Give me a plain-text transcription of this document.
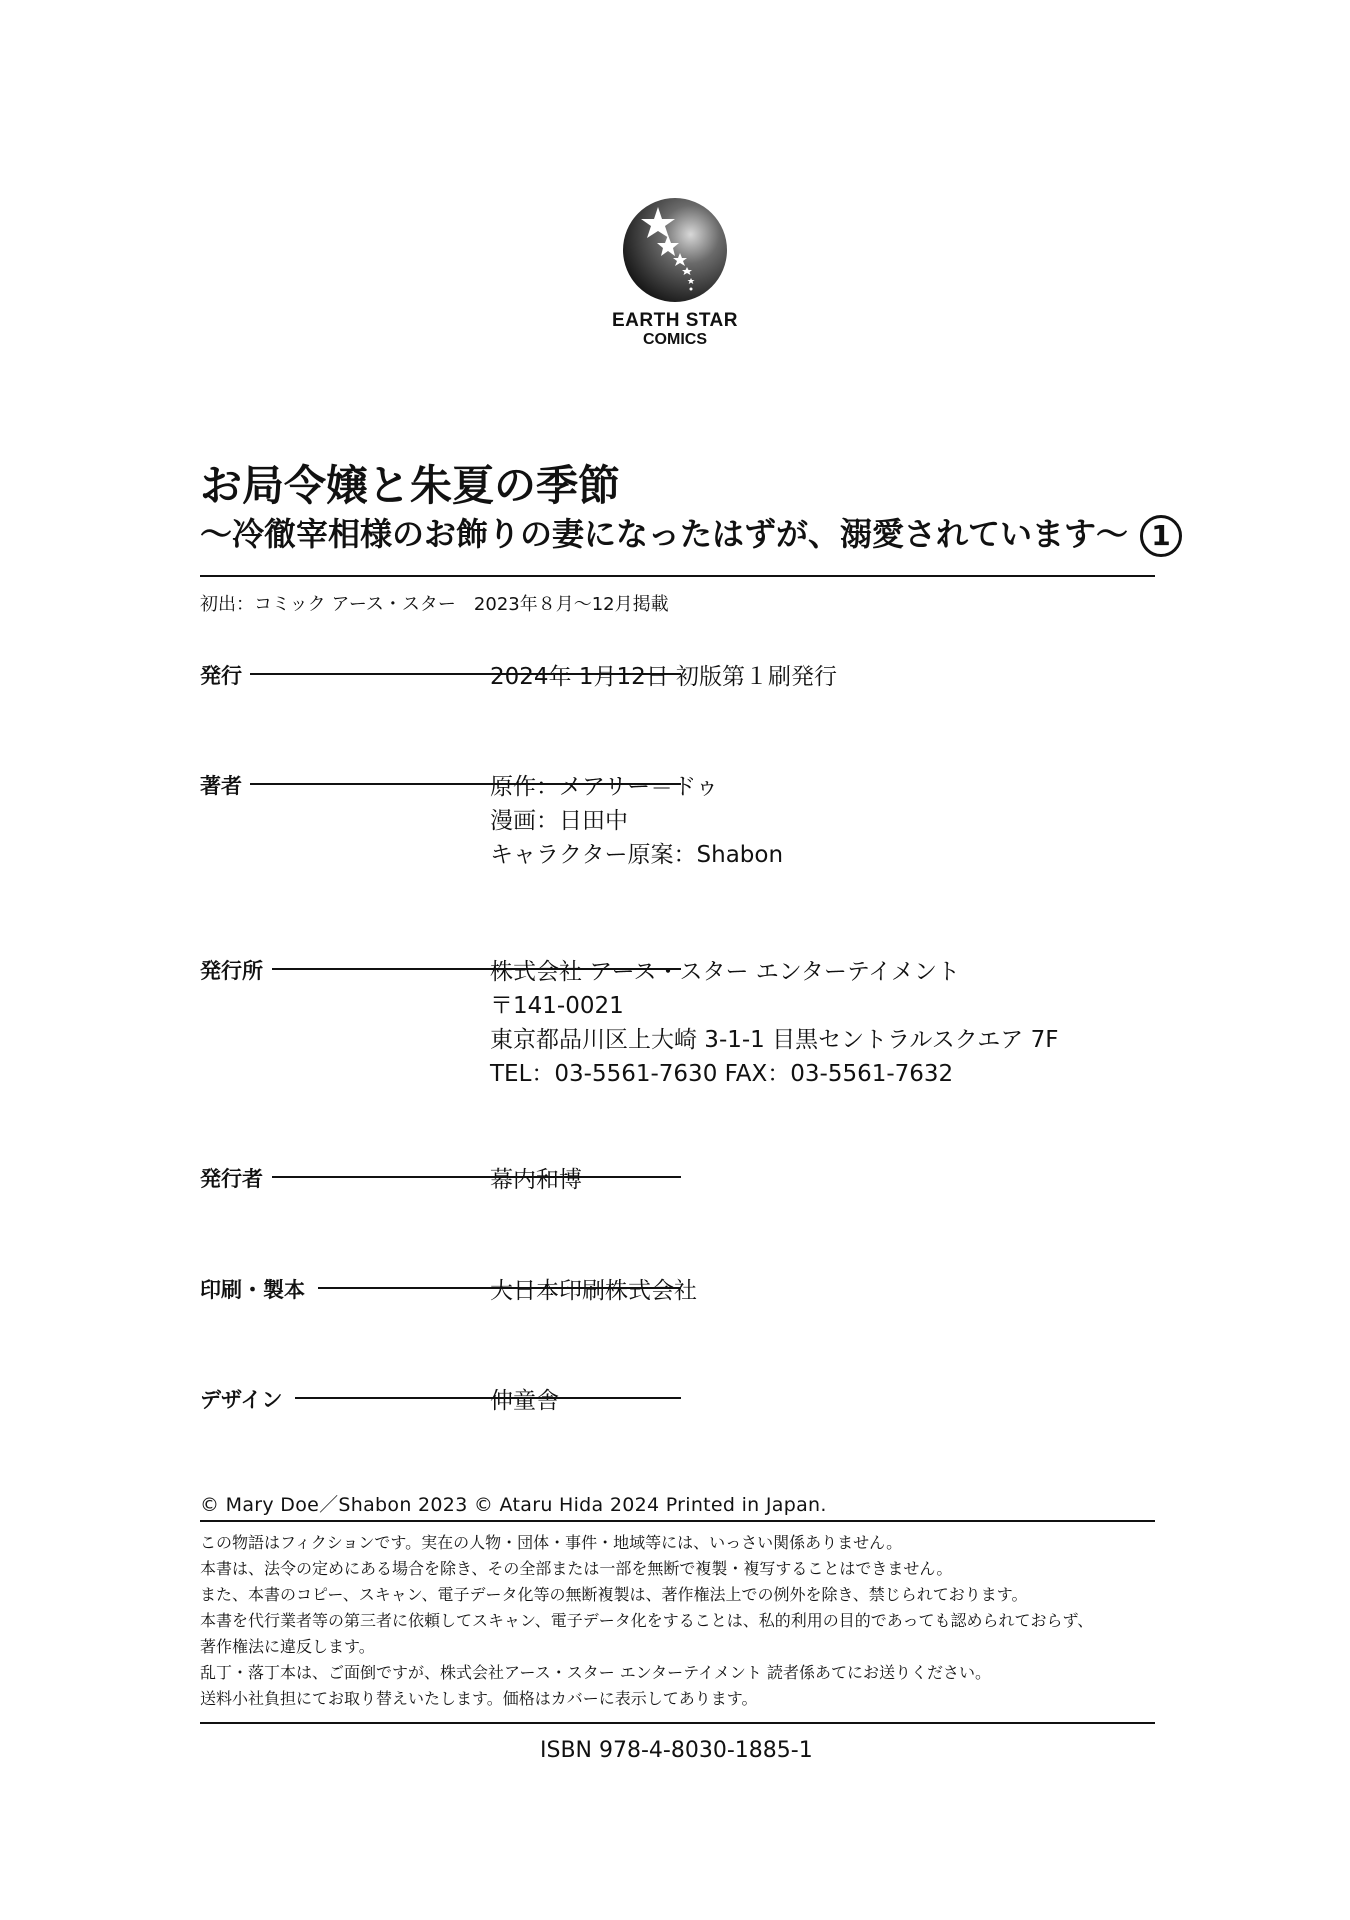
EARTH STAR
COMICS
お局令嬢と朱夏の季節
〜冷徹宰相様のお飾りの妻になったはずが、溺愛されています〜 1
初出：コミック アース・スター　2023年８月〜12月掲載
発行	2024年 1月12日 初版第１刷発行
著者	原作：メアリー＝ドゥ
漫画：日田中
キャラクター原案：Shabon
発行所	株式会社 アース・スター エンターテイメント
〒141-0021
東京都品川区上大崎 3-1-1 目黒セントラルスクエア 7F
TEL：03-5561-7630 FAX：03-5561-7632
発行者	幕内和博
印刷・製本	大日本印刷株式会社
デザイン	伸童舎
© Mary Doe／Shabon 2023 © Ataru Hida 2024 Printed in Japan.
この物語はフィクションです。実在の人物・団体・事件・地域等には、いっさい関係ありません。
本書は、法令の定めにある場合を除き、その全部または一部を無断で複製・複写することはできません。
また、本書のコピー、スキャン、電子データ化等の無断複製は、著作権法上での例外を除き、禁じられております。
本書を代行業者等の第三者に依頼してスキャン、電子データ化をすることは、私的利用の目的であっても認められておらず、
著作権法に違反します。
乱丁・落丁本は、ご面倒ですが、株式会社アース・スター エンターテイメント 読者係あてにお送りください。
送料小社負担にてお取り替えいたします。価格はカバーに表示してあります。
ISBN 978-4-8030-1885-1
